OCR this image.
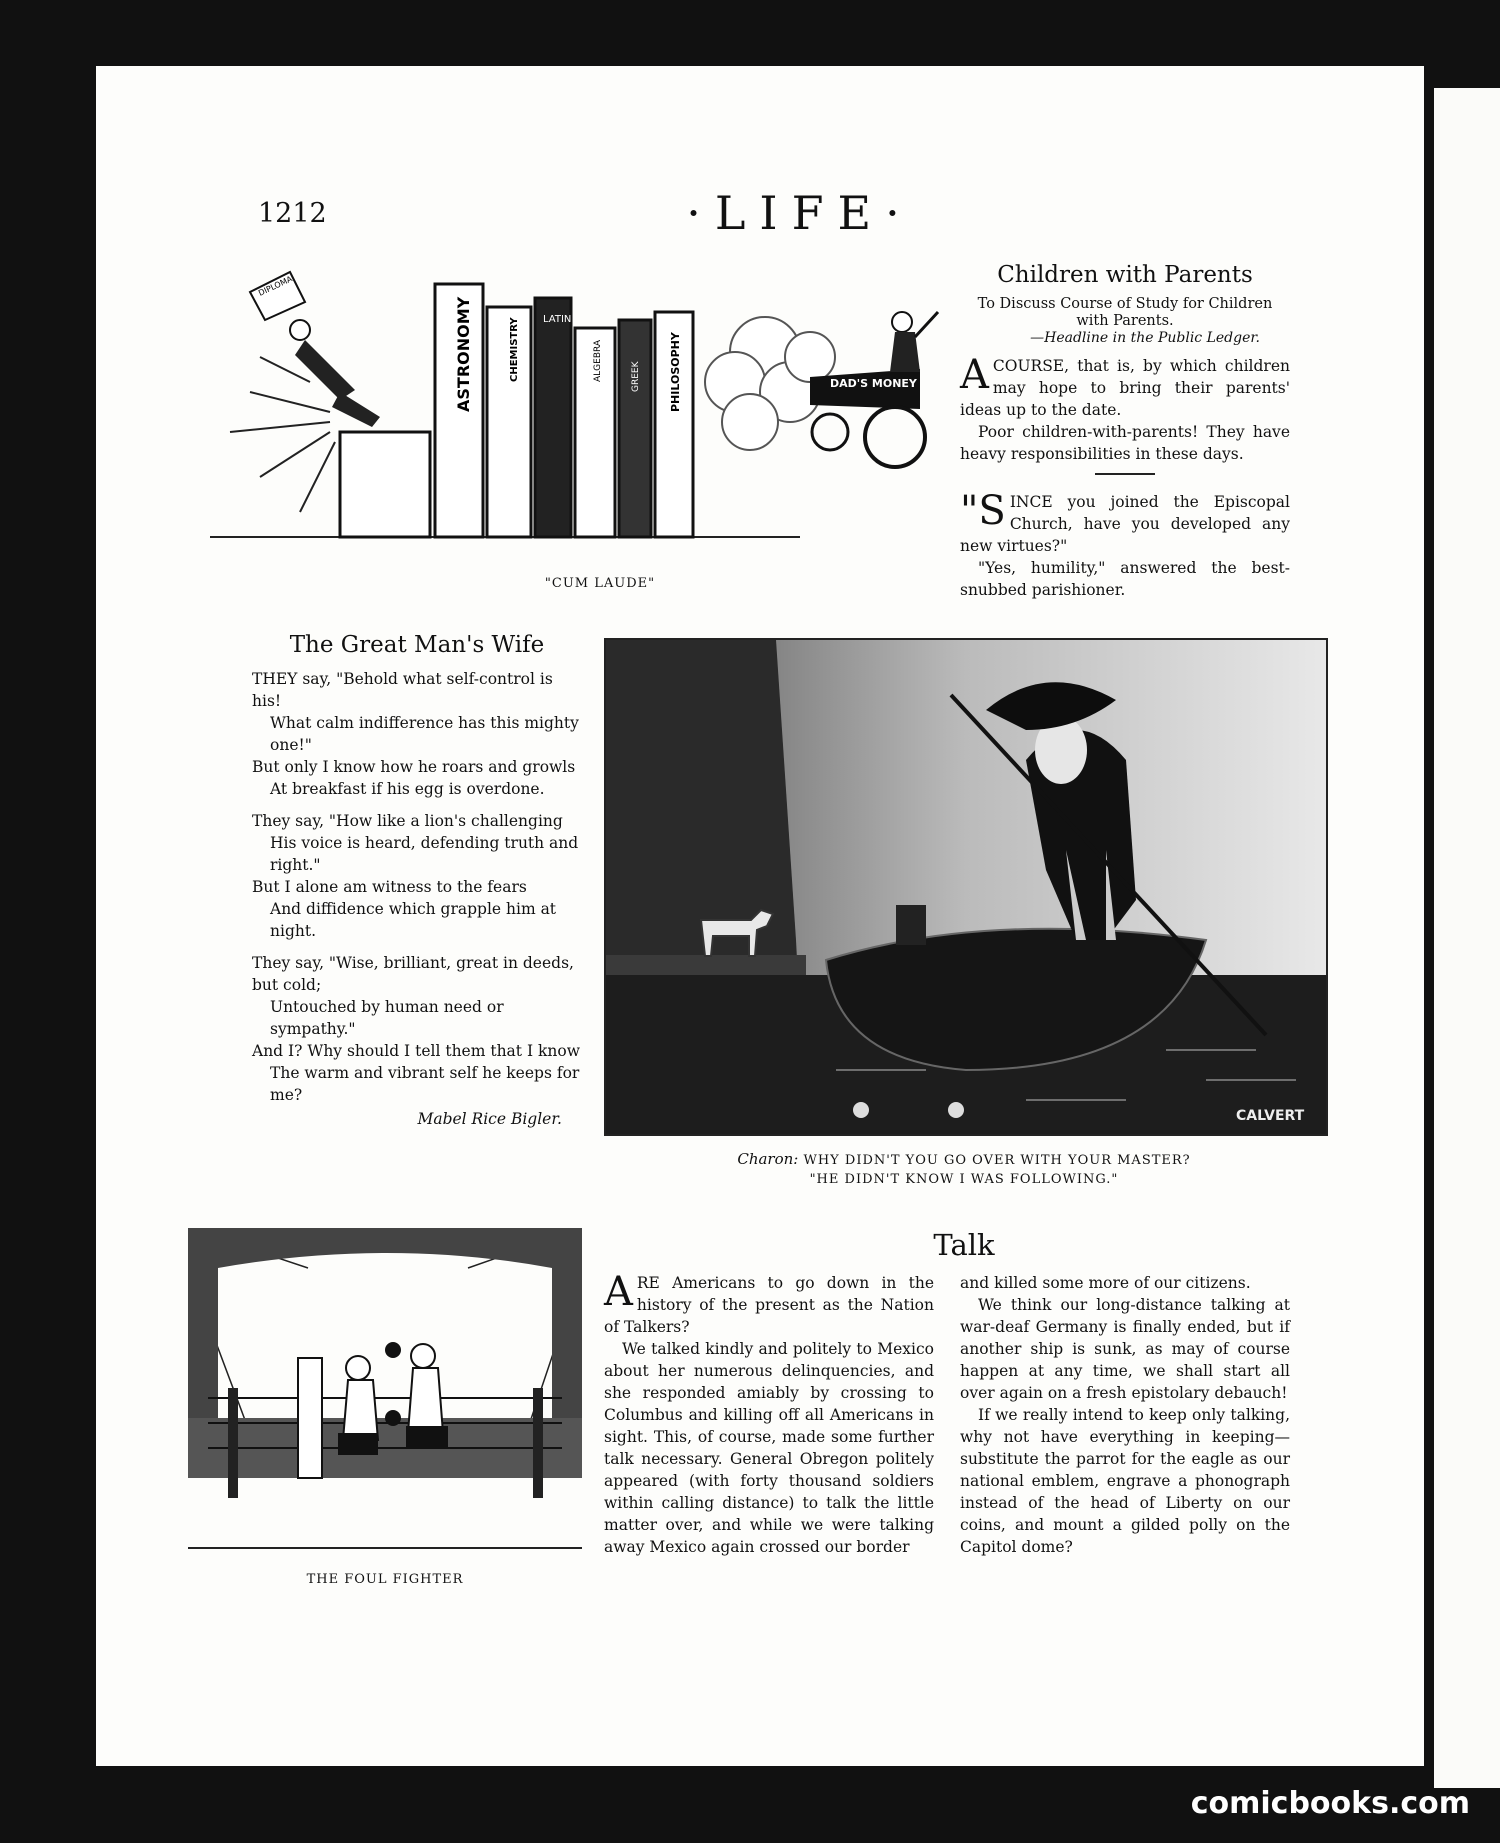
1212	·LIFE·
ASTRONOMY	CHEMISTRY LATIN
ALGEBRA	GREEK	PHILOSOPHY
DIPLOMA
DAD'S MONEY
"CUM LAUDE"
Children with Parents
To Discuss Course of Study for Children with Parents.
—Headline in the Public Ledger.
ACOURSE, that is, by which children may hope to bring their parents' ideas up to the date.
Poor children-with-parents! They have heavy responsibilities in these days.
"SINCE you joined the Episcopal Church, have you developed any new virtues?"
"Yes, humility," answered the best-snubbed parishioner.
The Great Man's Wife

THEY say, "Behold what self-control is his!

What calm indifference has this mighty one!"

But only I know how he roars and growls

At breakfast if his egg is overdone.

They say, "How like a lion's challenging

His voice is heard, defending truth and right."

But I alone am witness to the fears

And diffidence which grapple him at night.

They say, "Wise, brilliant, great in deeds, but cold;

Untouched by human need or sympathy."

And I? Why should I tell them that I know

The warm and vibrant self he keeps for me?

Mabel Rice Bigler.	CALVERT
Charon: WHY DIDN'T YOU GO OVER WITH YOUR MASTER?
"HE DIDN'T KNOW I WAS FOLLOWING."
THE FOUL FIGHTER
Talk
ARE Americans to go down in the history of the present as the Nation of Talkers?
We talked kindly and politely to Mexico about her numerous delinquencies, and she responded amiably by crossing to Columbus and killing off all Americans in sight. This, of course, made some further talk necessary. General Obregon politely appeared (with forty thousand soldiers within calling distance) to talk the little matter over, and while we were talking away Mexico again crossed our border
and killed some more of our citizens.
We think our long-distance talking at war-deaf Germany is finally ended, but if another ship is sunk, as may of course happen at any time, we shall start all over again on a fresh epistolary debauch!
If we really intend to keep only talking, why not have everything in keeping—substitute the parrot for the eagle as our national emblem, engrave a phonograph instead of the head of Liberty on our coins, and mount a gilded polly on the Capitol dome?
comicbooks.com
